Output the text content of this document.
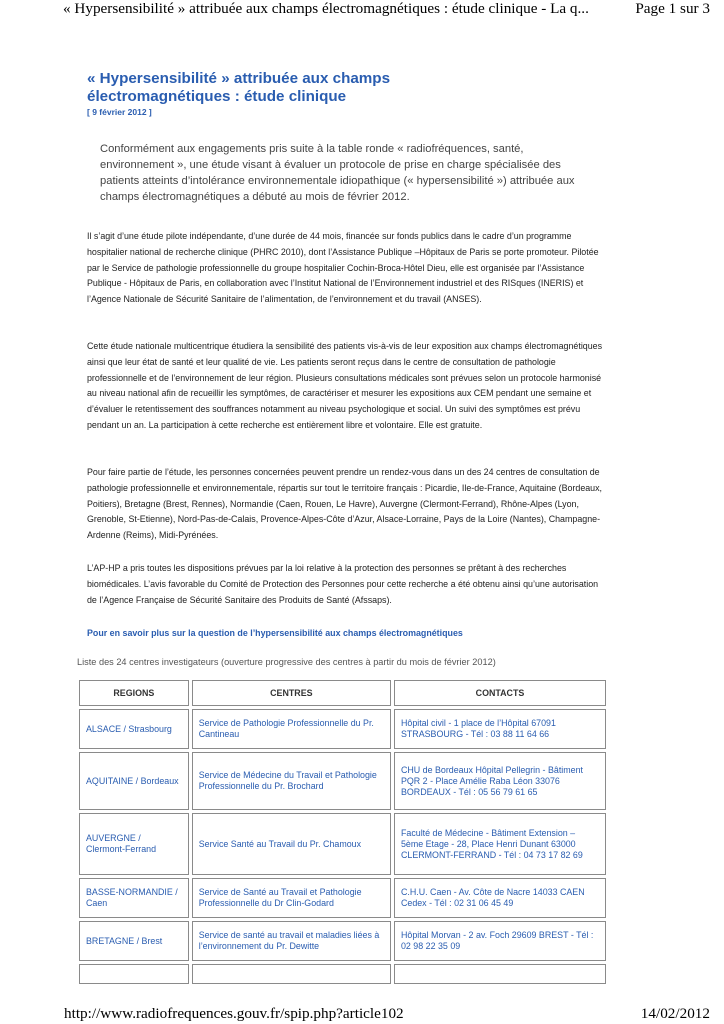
« Hypersensibilité » attribuée aux champs électromagnétiques : étude clinique - La q...	Page 1 sur 3
« Hypersensibilité » attribuée aux champs électromagnétiques : étude clinique
[ 9 février 2012 ]

Conformément aux engagements pris suite à la table ronde « radiofréquences, santé, environnement », une étude visant à évaluer un protocole de prise en charge spécialisée des patients atteints d’intolérance environnementale idiopathique (« hypersensibilité ») attribuée aux champs électromagnétiques a débuté au mois de février 2012.

Il s’agit d’une étude pilote indépendante, d’une durée de 44 mois, financée sur fonds publics dans le cadre d’un programme hospitalier national de recherche clinique (PHRC 2010), dont l’Assistance Publique –Hôpitaux de Paris se porte promoteur. Pilotée par le Service de pathologie professionnelle du groupe hospitalier Cochin-Broca-Hôtel Dieu, elle est organisée par l’Assistance Publique - Hôpitaux de Paris, en collaboration avec l’Institut National de l’Environnement industriel et des RISques (INERIS) et l’Agence Nationale de Sécurité Sanitaire de l’alimentation, de l’environnement et du travail (ANSES).

Cette étude nationale multicentrique étudiera la sensibilité des patients vis-à-vis de leur exposition aux champs électromagnétiques ainsi que leur état de santé et leur qualité de vie. Les patients seront reçus dans le centre de consultation de pathologie professionnelle et de l’environnement de leur région. Plusieurs consultations médicales sont prévues selon un protocole harmonisé au niveau national afin de recueillir les symptômes, de caractériser et mesurer les expositions aux CEM pendant une semaine et d’évaluer le retentissement des souffrances notamment au niveau psychologique et social. Un suivi des symptômes est prévu pendant un an. La participation à cette recherche est entièrement libre et volontaire. Elle est gratuite.

Pour faire partie de l’étude, les personnes concernées peuvent prendre un rendez-vous dans un des 24 centres de consultation de pathologie professionnelle et environnementale, répartis sur tout le territoire français : Picardie, Ile-de-France, Aquitaine (Bordeaux, Poitiers), Bretagne (Brest, Rennes), Normandie (Caen, Rouen, Le Havre), Auvergne (Clermont-Ferrand), Rhône-Alpes (Lyon, Grenoble, St-Etienne), Nord-Pas-de-Calais, Provence-Alpes-Côte d’Azur, Alsace-Lorraine, Pays de la Loire (Nantes), Champagne-Ardenne (Reims), Midi-Pyrénées.

L’AP-HP a pris toutes les dispositions prévues par la loi relative à la protection des personnes se prêtant à des recherches biomédicales. L’avis favorable du Comité de Protection des Personnes pour cette recherche a été obtenu ainsi qu’une autorisation de l’Agence Française de Sécurité Sanitaire des Produits de Santé (Afssaps).

Pour en savoir plus sur la question de l’hypersensibilité aux champs électromagnétiques
Liste des 24 centres investigateurs (ouverture progressive des centres à partir du mois de février 2012)
REGIONS	CENTRES	CONTACTS
ALSACE / Strasbourg	Service de Pathologie Professionnelle du Pr. Cantineau	Hôpital civil - 1 place de l’Hôpital 67091 STRASBOURG - Tél : 03 88 11 64 66
AQUITAINE / Bordeaux	Service de Médecine du Travail et Pathologie Professionnelle du Pr. Brochard	CHU de Bordeaux Hôpital Pellegrin - Bâtiment PQR 2 - Place Amélie Raba Léon 33076 BORDEAUX - Tél : 05 56 79 61 65
AUVERGNE / Clermont-Ferrand	Service Santé au Travail du Pr. Chamoux	Faculté de Médecine - Bâtiment Extension – 5ème Etage - 28, Place Henri Dunant 63000 CLERMONT-FERRAND - Tél : 04 73 17 82 69
BASSE-NORMANDIE / Caen	Service de Santé au Travail et Pathologie Professionnelle du Dr Clin-Godard	C.H.U. Caen - Av. Côte de Nacre 14033 CAEN Cedex - Tél : 02 31 06 45 49
BRETAGNE / Brest	Service de santé au travail et maladies liées à l’environnement du Pr. Dewitte	Hôpital Morvan - 2 av. Foch 29609 BREST - Tél : 02 98 22 35 09

http://www.radiofrequences.gouv.fr/spip.php?article102	14/02/2012
